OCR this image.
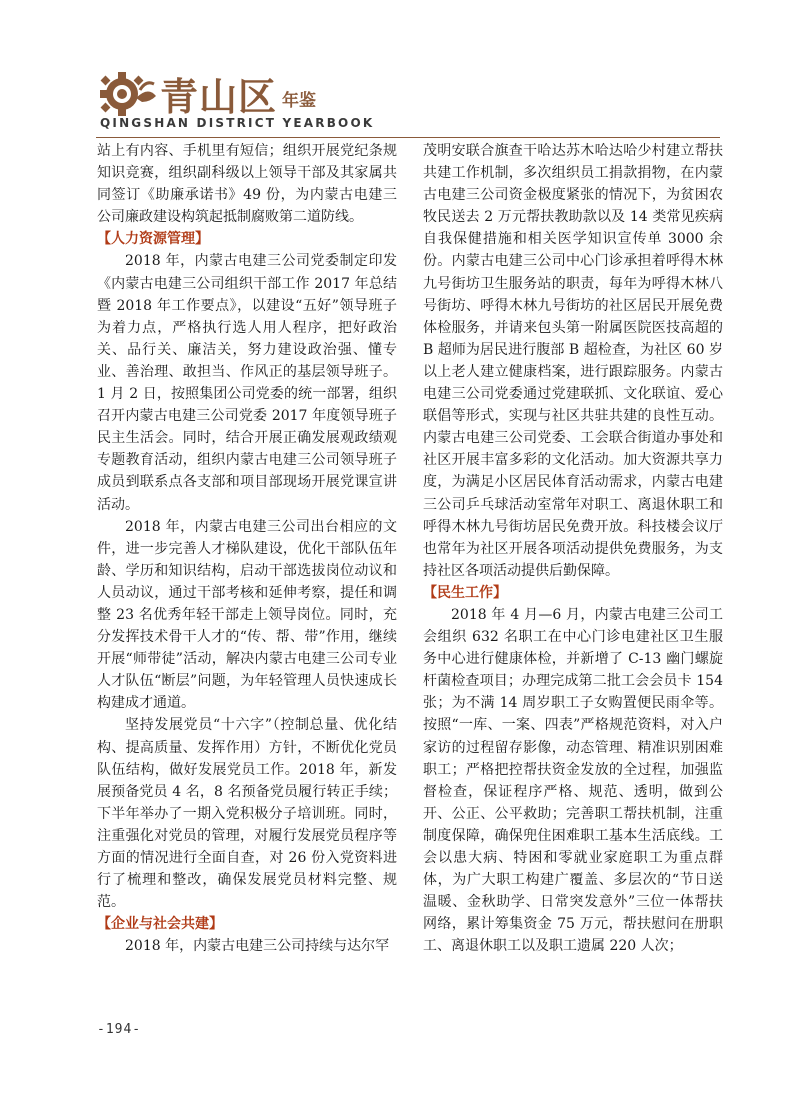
青山区 年鉴
QINGSHAN DISTRICT YEARBOOK

站上有内容、手机里有短信；组织开展党纪条规知识竞赛，组织副科级以上领导干部及其家属共同签订《助廉承诺书》49 份，为内蒙古电建三公司廉政建设构筑起抵制腐败第二道防线。

【人力资源管理】

2018 年，内蒙古电建三公司党委制定印发《内蒙古电建三公司组织干部工作 2017 年总结暨 2018 年工作要点》，以建设“五好”领导班子为着力点，严格执行选人用人程序，把好政治关、品行关、廉洁关，努力建设政治强、懂专业、善治理、敢担当、作风正的基层领导班子。1 月 2 日，按照集团公司党委的统一部署，组织召开内蒙古电建三公司党委 2017 年度领导班子民主生活会。同时，结合开展正确发展观政绩观专题教育活动，组织内蒙古电建三公司领导班子成员到联系点各支部和项目部现场开展党课宣讲活动。

2018 年，内蒙古电建三公司出台相应的文件，进一步完善人才梯队建设，优化干部队伍年龄、学历和知识结构，启动干部选拔岗位动议和人员动议，通过干部考核和延伸考察，提任和调整 23 名优秀年轻干部走上领导岗位。同时，充分发挥技术骨干人才的“传、帮、带”作用，继续开展“师带徒”活动，解决内蒙古电建三公司专业人才队伍“断层”问题，为年轻管理人员快速成长构建成才通道。

坚持发展党员“十六字”（控制总量、优化结构、提高质量、发挥作用）方针，不断优化党员队伍结构，做好发展党员工作。2018 年，新发展预备党员 4 名，8 名预备党员履行转正手续；下半年举办了一期入党积极分子培训班。同时，注重强化对党员的管理，对履行发展党员程序等方面的情况进行全面自查，对 26 份入党资料进行了梳理和整改，确保发展党员材料完整、规范。

【企业与社会共建】

2018 年，内蒙古电建三公司持续与达尔罕

茂明安联合旗查干哈达苏木哈达哈少村建立帮扶共建工作机制，多次组织员工捐款捐物，在内蒙古电建三公司资金极度紧张的情况下，为贫困农牧民送去 2 万元帮扶教助款以及 14 类常见疾病自我保健措施和相关医学知识宣传单 3000 余份。内蒙古电建三公司中心门诊承担着呼得木林九号街坊卫生服务站的职责，每年为呼得木林八号街坊、呼得木林九号街坊的社区居民开展免费体检服务，并请来包头第一附属医院医技高超的 B 超师为居民进行腹部 B 超检查，为社区 60 岁以上老人建立健康档案，进行跟踪服务。内蒙古电建三公司党委通过党建联抓、文化联谊、爱心联倡等形式，实现与社区共驻共建的良性互动。内蒙古电建三公司党委、工会联合街道办事处和社区开展丰富多彩的文化活动。加大资源共享力度，为满足小区居民体育活动需求，内蒙古电建三公司乒乓球活动室常年对职工、离退休职工和呼得木林九号街坊居民免费开放。科技楼会议厅也常年为社区开展各项活动提供免费服务，为支持社区各项活动提供后勤保障。

【民生工作】

2018 年 4 月—6 月，内蒙古电建三公司工会组织 632 名职工在中心门诊电建社区卫生服务中心进行健康体检，并新增了 C-13 幽门螺旋杆菌检查项目；办理完成第二批工会会员卡 154 张；为不满 14 周岁职工子女购置便民雨伞等。按照“一库、一案、四表”严格规范资料，对入户家访的过程留存影像，动态管理、精准识别困难职工；严格把控帮扶资金发放的全过程，加强监督检查，保证程序严格、规范、透明，做到公开、公正、公平救助；完善职工帮扶机制，注重制度保障，确保兜住困难职工基本生活底线。工会以患大病、特困和零就业家庭职工为重点群体，为广大职工构建广覆盖、多层次的“节日送温暖、金秋助学、日常突发意外”三位一体帮扶网络，累计筹集资金 75 万元，帮扶慰问在册职工、离退休职工以及职工遗属 220 人次；

-194-
